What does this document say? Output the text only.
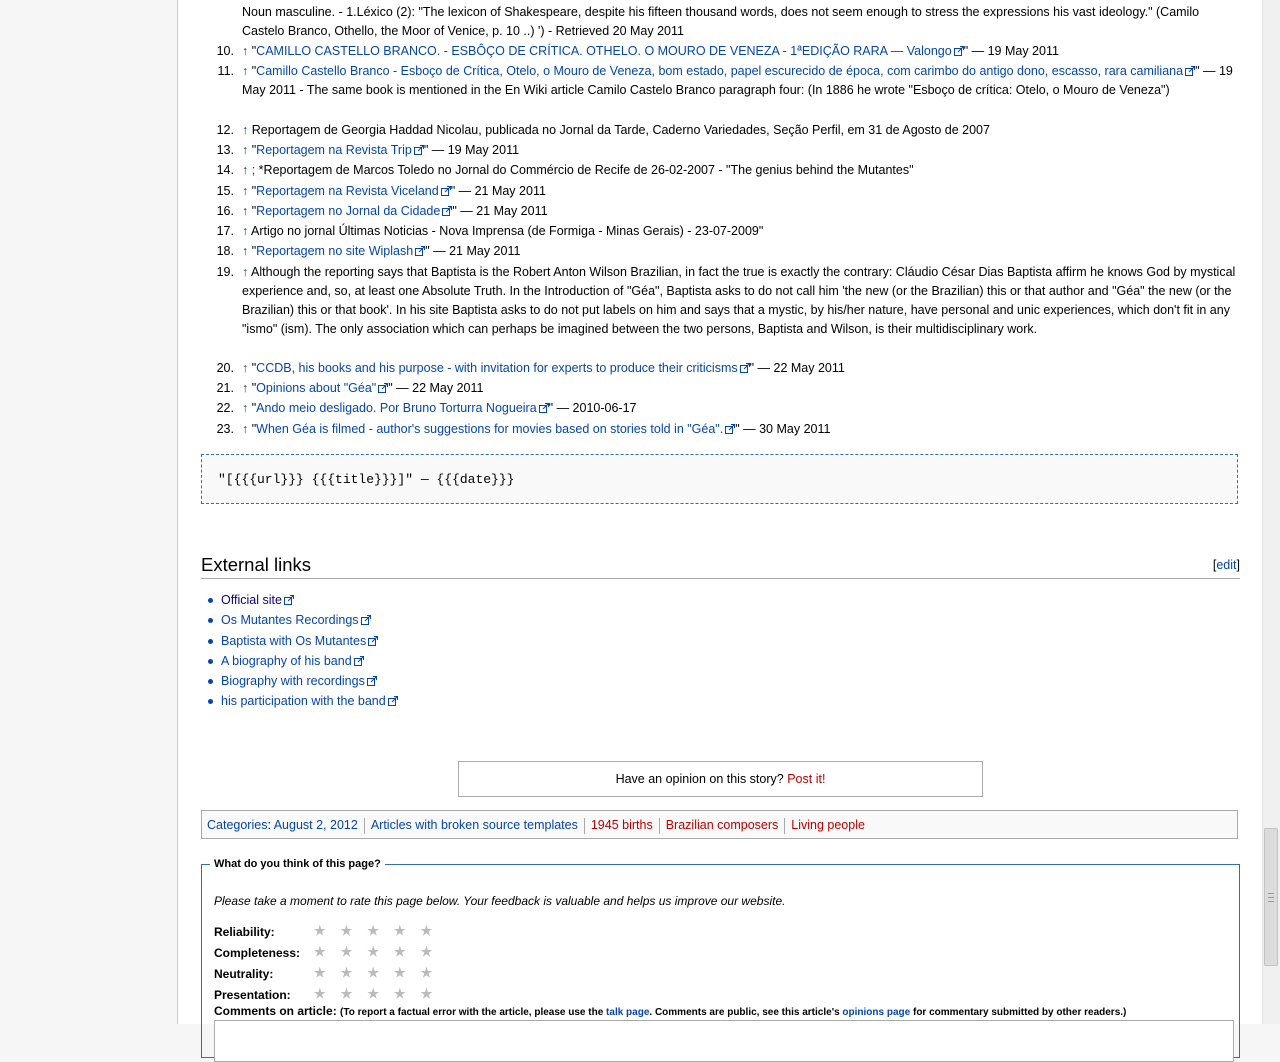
Noun masculine. - 1.Léxico (2): "The lexicon of Shakespeare, despite his fifteen thousand words, does not seem enough to stress the expressions his vast ideology." (Camilo Castelo Branco, Othello, the Moor of Venice, p. 10 ..) ') - Retrieved 20 May 2011
10. ↑ "CAMILLO CASTELLO BRANCO. - ESBÔÇO DE CRÍTICA. OTHELO. O MOURO DE VENEZA - 1ªEDIÇÃO RARA — Valongo " — 19 May 2011
11. ↑ "Camillo Castello Branco - Esboço de Crítica, Otelo, o Mouro de Veneza, bom estado, papel escurecido de época, com carimbo do antigo dono, escasso, rara camiliana " — 19 May 2011 - The same book is mentioned in the En Wiki article Camilo Castelo Branco paragraph four: (In 1886 he wrote "Esboço de crítica: Otelo, o Mouro de Veneza")
12. ↑ Reportagem de Georgia Haddad Nicolau, publicada no Jornal da Tarde, Caderno Variedades, Seção Perfil, em 31 de Agosto de 2007
13. ↑ "Reportagem na Revista Trip " — 19 May 2011
14. ↑ ; *Reportagem de Marcos Toledo no Jornal do Commércio de Recife de 26-02-2007 - "The genius behind the Mutantes"
15. ↑ "Reportagem na Revista Viceland " — 21 May 2011
16. ↑ "Reportagem no Jornal da Cidade " — 21 May 2011
17. ↑ Artigo no jornal Últimas Noticias - Nova Imprensa (de Formiga - Minas Gerais) - 23-07-2009"
18. ↑ "Reportagem no site Wiplash " — 21 May 2011
19. ↑ Although the reporting says that Baptista is the Robert Anton Wilson Brazilian, in fact the true is exactly the contrary: Cláudio César Dias Baptista affirm he knows God by mystical experience and, so, at least one Absolute Truth. In the Introduction of "Géa", Baptista asks to do not call him 'the new (or the Brazilian) this or that author and "Géa" the new (or the Brazilian) this or that book'. In his site Baptista asks to do not put labels on him and says that a mystic, by his/her nature, have personal and unic experiences, which don't fit in any "ismo" (ism). The only association which can perhaps be imagined between the two persons, Baptista and Wilson, is their multidisciplinary work.
20. ↑ "CCDB, his books and his purpose - with invitation for experts to produce their criticisms " — 22 May 2011
21. ↑ "Opinions about "Géa" " — 22 May 2011
22. ↑ "Ando meio desligado. Por Bruno Torturra Nogueira " — 2010-06-17
23. ↑ "When Géa is filmed - author's suggestions for movies based on stories told in "Géa". " — 30 May 2011
"[{{{url}}} {{{title}}}]" — {{{date}}}
External links	[edit]
Official site
Os Mutantes Recordings
Baptista with Os Mutantes
A biography of his band
Biography with recordings
his participation with the band
Have an opinion on this story? Post it!
Categories: August 2, 2012 Articles with broken source templates 1945 births Brazilian composers Living people
What do you think of this page?
Please take a moment to rate this page below. Your feedback is valuable and helps us improve our website.
Reliability:	★★★★★
Completeness: ★★★★★
Neutrality:	★★★★★
Presentation: ★★★★★
Comments on article: (To report a factual error with the article, please use the talk page. Comments are public, see this article's opinions page for commentary submitted by other readers.)
